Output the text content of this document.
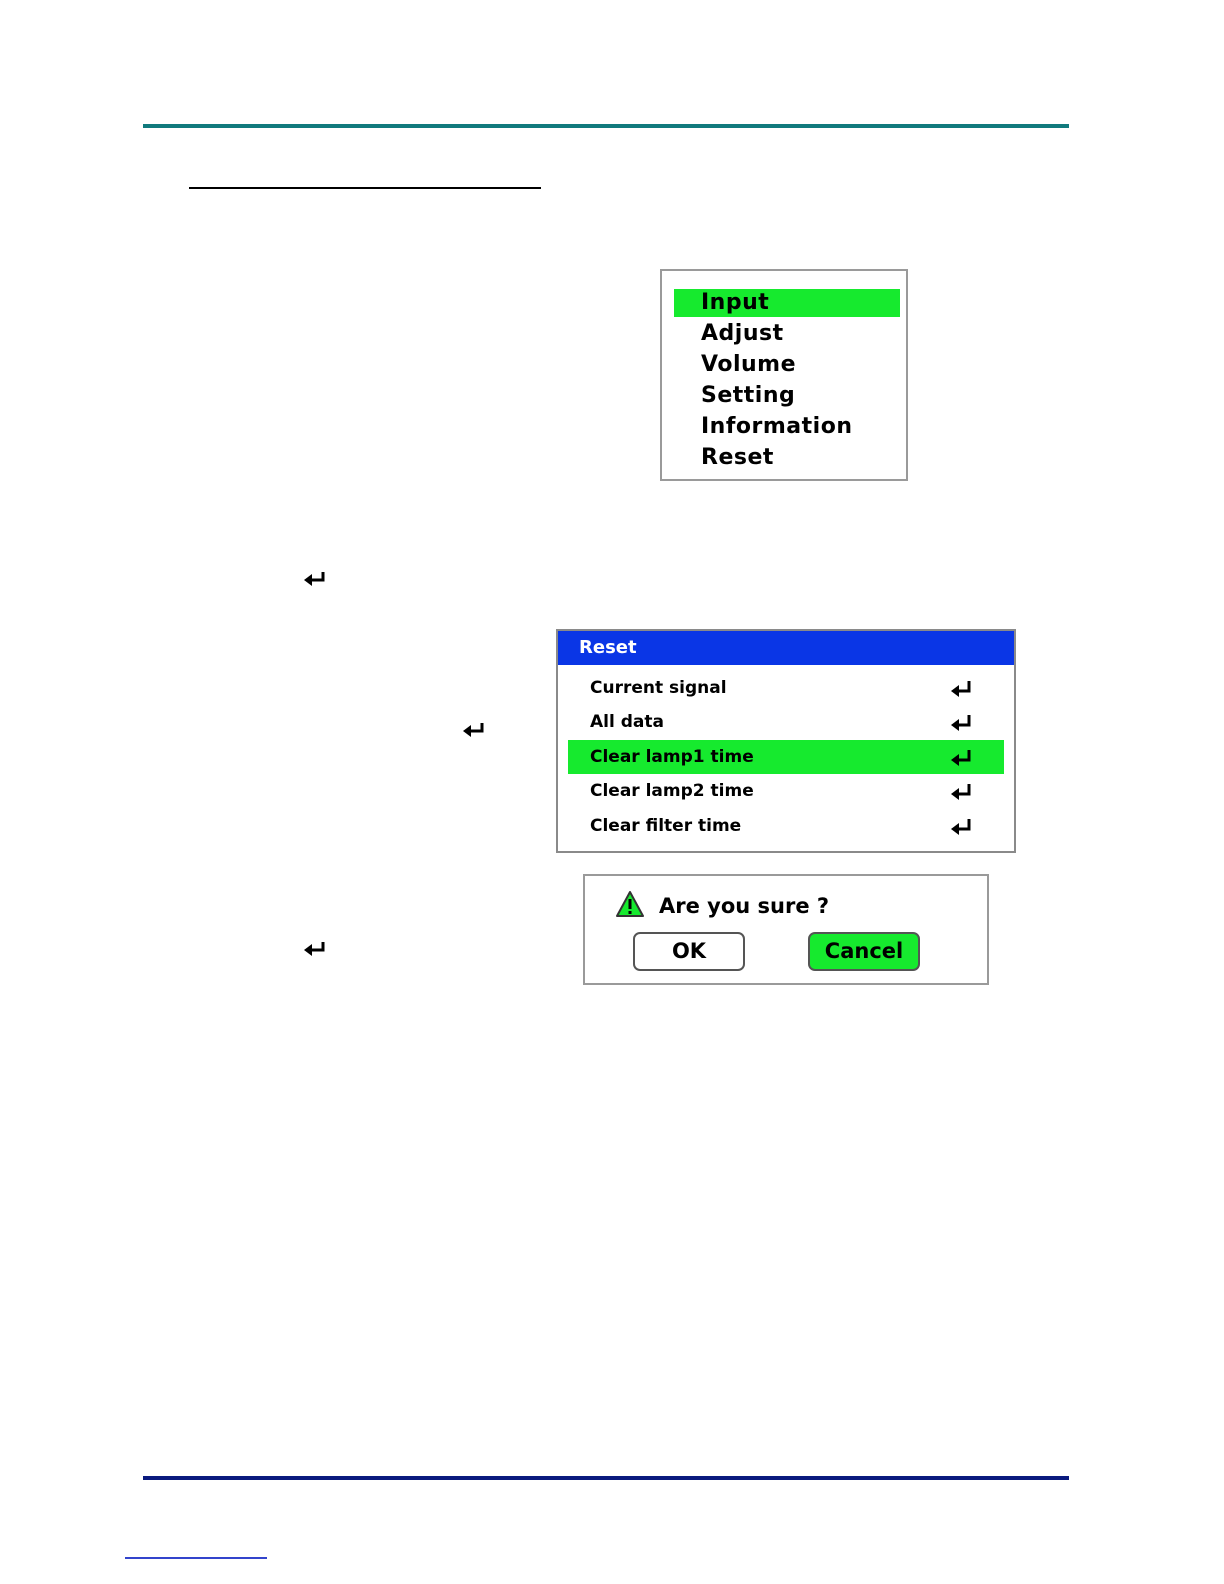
Input
Adjust
Volume
Setting
Information
Reset
Reset
Current signal
All data
Clear lamp1 time
Clear lamp2 time
Clear filter time
Are you sure ?
OK	Cancel
